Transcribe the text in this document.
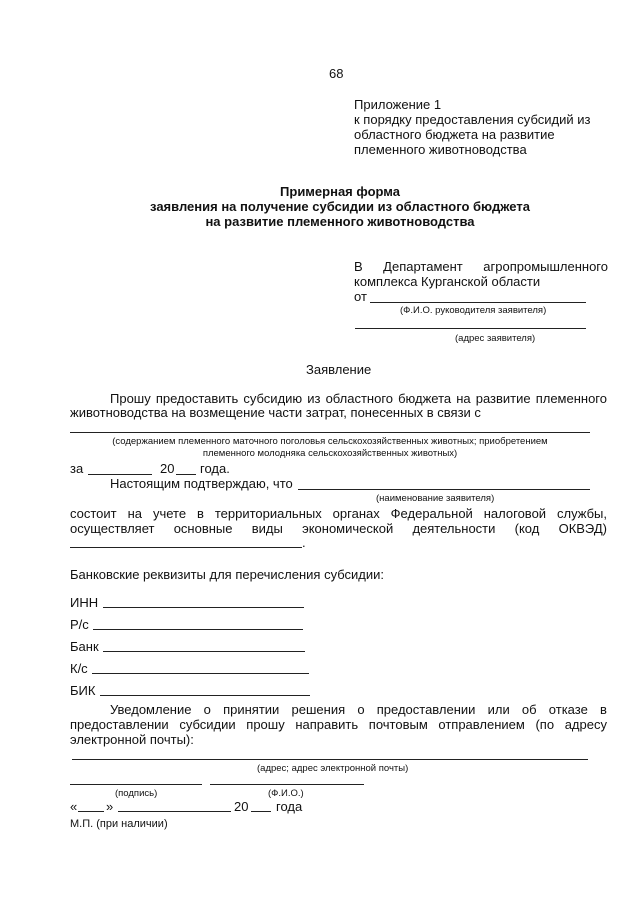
68
Приложение 1
к порядку предоставления субсидий из
областного бюджета на развитие
племенного животноводства
Примерная форма
заявления на получение субсидии из областного бюджета
на развитие племенного животноводства
В Департамент агропромышленного
комплекса Курганской области
от
(Ф.И.О. руководителя заявителя)
(адрес заявителя)
Заявление
Прошу предоставить субсидию из областного бюджета на развитие племенного
животноводства на возмещение части затрат, понесенных в связи с
(содержанием племенного маточного поголовья сельскохозяйственных животных; приобретением
племенного молодняка сельскохозяйственных животных)
за	20 года.
Настоящим подтверждаю, что
(наименование заявителя)
состоит на учете в территориальных органах Федеральной налоговой службы,
осуществляет основные виды экономической деятельности (код ОКВЭД)
.
Банковские реквизиты для перечисления субсидии:
ИНН
Р/с
Банк
К/с
БИК
Уведомление о принятии решения о предоставлении или об отказе в
предоставлении субсидии прошу направить почтовым отправлением (по адресу
электронной почты):
(адрес; адрес электронной почты)
(подпись)	(Ф.И.О.)
« »	20 года
М.П. (при наличии)
